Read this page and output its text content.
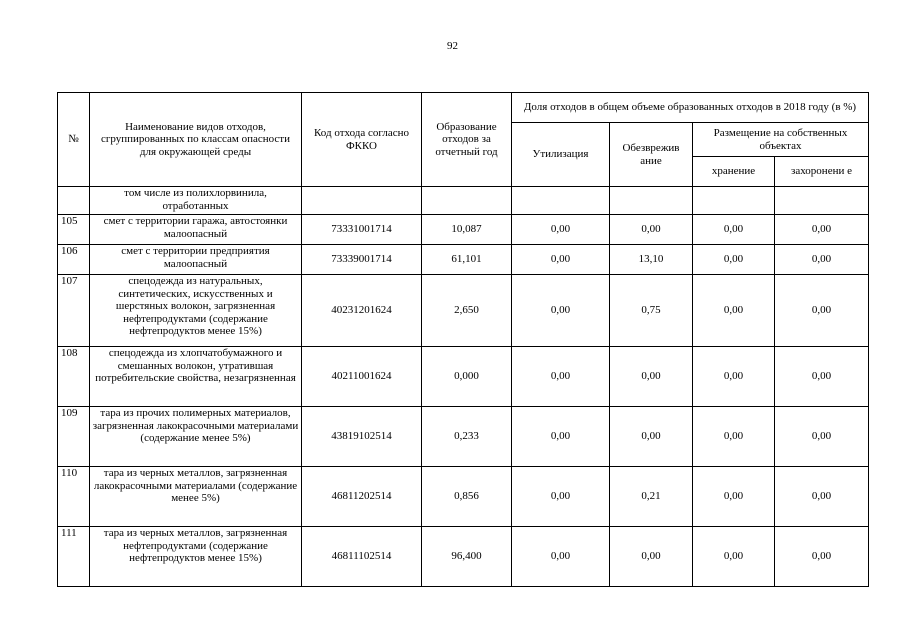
92
№	Наименование видов отходов, сгруппированных по классам опасности для окружающей среды	Код отхода согласно ФККО	Образование отходов за отчетный год	Доля отходов в общем объеме образованных отходов в 2018 году (в %)			
				Утилизация	Обезврежив ание	Размещение на собственных объектах	
						хранение	захоронени е
	том числе из полихлорвинила, отработанных						
105	смет с территории гаража, автостоянки малоопасный	73331001714	10,087	0,00	0,00	0,00	0,00
106	смет с территории предприятия малоопасный	73339001714	61,101	0,00	13,10	0,00	0,00
107	спецодежда из натуральных, синтетических, искусственных и шерстяных волокон, загрязненная нефтепродуктами (содержание нефтепродуктов менее 15%)	40231201624	2,650	0,00	0,75	0,00	0,00
108	спецодежда из хлопчатобумажного и смешанных волокон, утратившая потребительские свойства, незагрязненная	40211001624	0,000	0,00	0,00	0,00	0,00
109	тара из прочих полимерных материалов, загрязненная лакокрасочными материалами (содержание менее 5%)	43819102514	0,233	0,00	0,00	0,00	0,00
110	тара из черных металлов, загрязненная лакокрасочными материалами (содержание менее 5%)	46811202514	0,856	0,00	0,21	0,00	0,00
111	тара из черных металлов, загрязненная нефтепродуктами (содержание нефтепродуктов менее 15%)	46811102514	96,400	0,00	0,00	0,00	0,00
